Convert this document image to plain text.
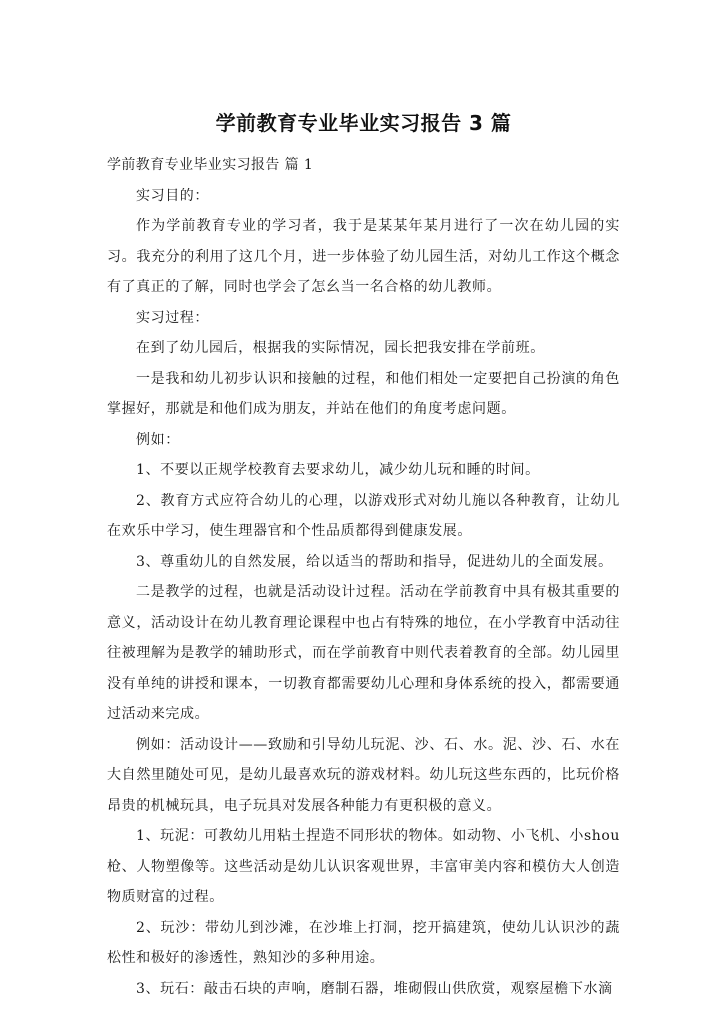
学前教育专业毕业实习报告 3 篇

学前教育专业毕业实习报告 篇 1

实习目的：

作为学前教育专业的学习者，我于是某某年某月进行了一次在幼儿园的实习。我充分的利用了这几个月，进一步体验了幼儿园生活，对幼儿工作这个概念有了真正的了解，同时也学会了怎幺当一名合格的幼儿教师。

实习过程：

在到了幼儿园后，根据我的实际情况，园长把我安排在学前班。

一是我和幼儿初步认识和接触的过程，和他们相处一定要把自己扮演的角色掌握好，那就是和他们成为朋友，并站在他们的角度考虑问题。

例如：

1、不要以正规学校教育去要求幼儿，减少幼儿玩和睡的时间。

2、教育方式应符合幼儿的心理，以游戏形式对幼儿施以各种教育，让幼儿在欢乐中学习，使生理器官和个性品质都得到健康发展。

3、尊重幼儿的自然发展，给以适当的帮助和指导，促进幼儿的全面发展。

二是教学的过程，也就是活动设计过程。活动在学前教育中具有极其重要的意义，活动设计在幼儿教育理论课程中也占有特殊的地位，在小学教育中活动往往被理解为是教学的辅助形式，而在学前教育中则代表着教育的全部。幼儿园里没有单纯的讲授和课本，一切教育都需要幼儿心理和身体系统的投入，都需要通过活动来完成。

例如：活动设计——致励和引导幼儿玩泥、沙、石、水。泥、沙、石、水在大自然里随处可见，是幼儿最喜欢玩的游戏材料。幼儿玩这些东西的，比玩价格昂贵的机械玩具，电子玩具对发展各种能力有更积极的意义。

1、玩泥：可教幼儿用粘土捏造不同形状的物体。如动物、小飞机、小shou 枪、人物塑像等。这些活动是幼儿认识客观世界，丰富审美内容和模仿大人创造物质财富的过程。

2、玩沙：带幼儿到沙滩，在沙堆上打洞，挖开搞建筑，使幼儿认识沙的蔬松性和极好的渗透性，熟知沙的多种用途。

3、玩石：敲击石块的声响，磨制石器，堆砌假山供欣赏，观察屋檐下水滴
